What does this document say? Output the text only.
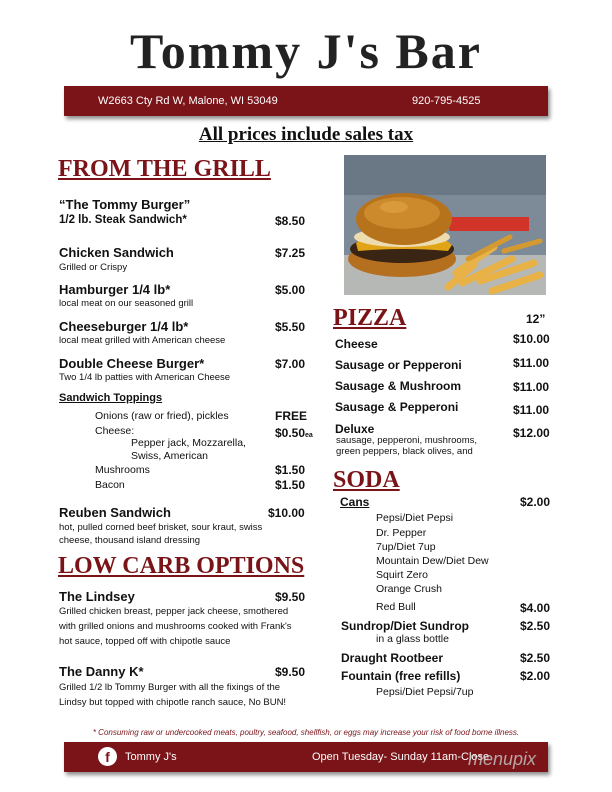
Tommy J's Bar
W2663 Cty Rd W, Malone, WI 53049	920-795-4525
All prices include sales tax
FROM THE GRILL
“The Tommy Burger”
1/2 lb. Steak Sandwich*	$8.50
Chicken Sandwich	$7.25
Grilled or Crispy
Hamburger 1/4 lb*	$5.00
local meat on our seasoned grill
Cheeseburger 1/4 lb*	$5.50
local meat grilled with American cheese
Double Cheese Burger*	$7.00
Two 1/4 lb patties with American Cheese
Sandwich Toppings
Onions (raw or fried), pickles	FREE
Cheese:	$0.50ea
Pepper jack, Mozzarella,
Swiss, American
Mushrooms	$1.50
Bacon	$1.50
Reuben Sandwich	$10.00
hot, pulled corned beef brisket, sour kraut, swiss
cheese, thousand island dressing
LOW CARB OPTIONS
The Lindsey	$9.50
Grilled chicken breast, pepper jack cheese, smothered
with grilled onions and mushrooms cooked with Frank's
hot sauce, topped off with chipotle sauce
The Danny K*	$9.50
Grilled 1/2 lb Tommy Burger with all the fixings of the
Lindsy but topped with chipotle ranch sauce, No BUN!
PIZZA	12”
Cheese	$10.00
Sausage or Pepperoni	$11.00
Sausage & Mushroom	$11.00
Sausage & Pepperoni	$11.00
Deluxe	$12.00
sausage, pepperoni, mushrooms,
green peppers, black olives, and
SODA
Cans	$2.00
Pepsi/Diet Pepsi
Dr. Pepper
7up/Diet 7up
Mountain Dew/Diet Dew
Squirt Zero
Orange Crush
Red Bull	$4.00
Sundrop/Diet Sundrop	$2.50
in a glass bottle
Draught Rootbeer	$2.50
Fountain (free refills)	$2.00
Pepsi/Diet Pepsi/7up
* Consuming raw or undercooked meats, poultry, seafood, shellfish, or eggs may increase your risk of food borne illness.
f	Tommy J's	Open Tuesday- Sunday 11am-Close
menupix
